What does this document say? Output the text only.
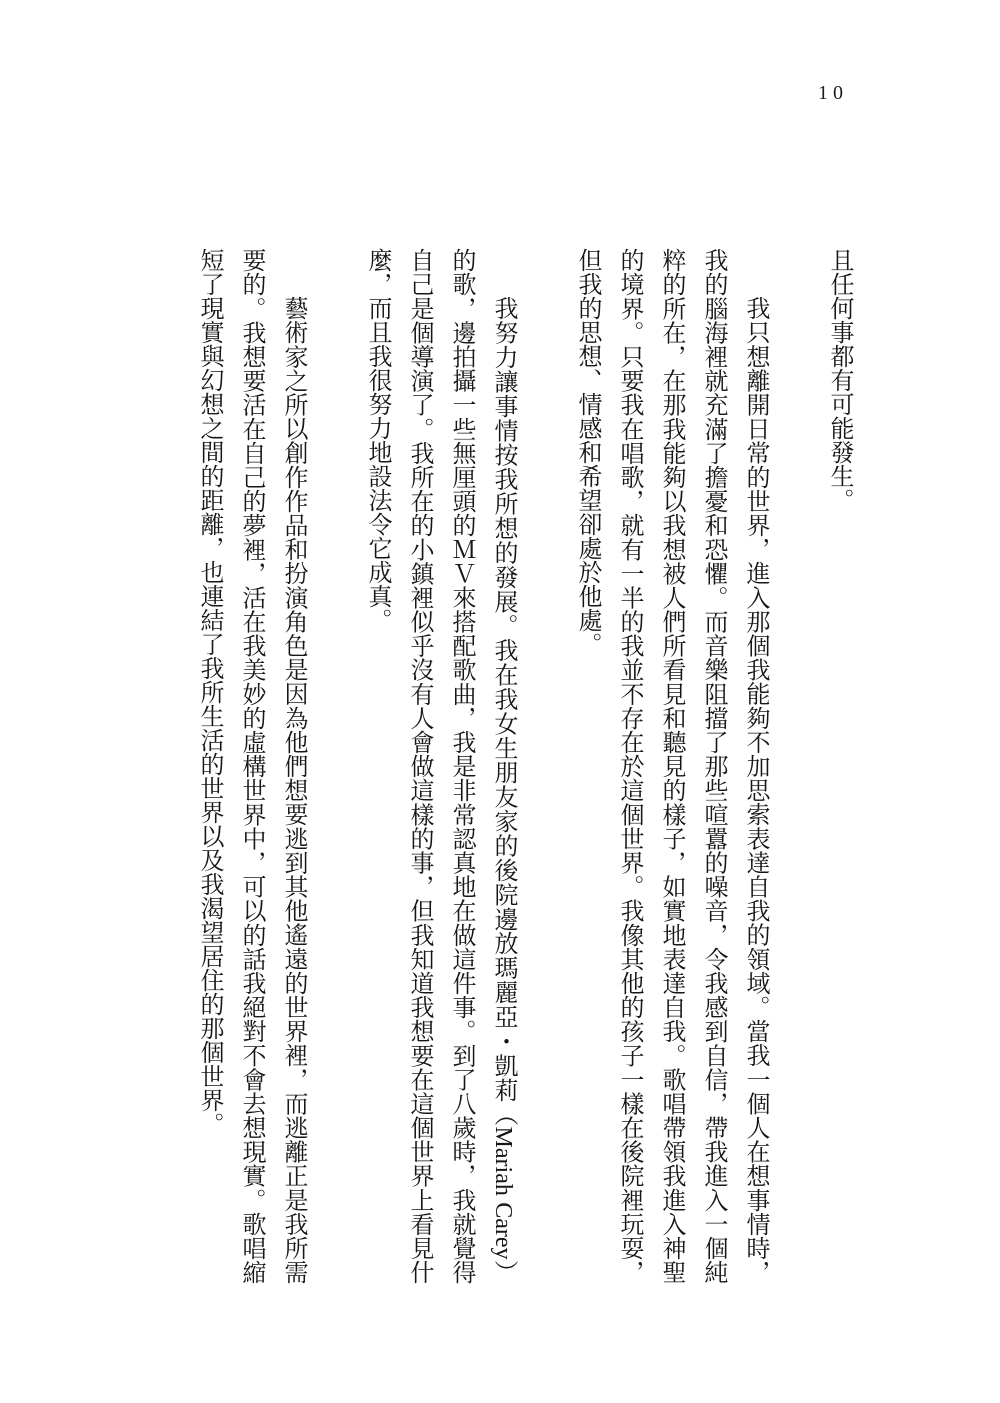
10

且任何事都有可能發生。

我只想離開日常的世界，進入那個我能夠不加思索表達自我的領域。當我一個人在想事情時，我的腦海裡就充滿了擔憂和恐懼。而音樂阻擋了那些喧囂的噪音，令我感到自信，帶我進入一個純粹的所在，在那我能夠以我想被人們所看見和聽見的樣子，如實地表達自我。歌唱帶領我進入神聖的境界。只要我在唱歌，就有一半的我並不存在於這個世界。我像其他的孩子一樣在後院裡玩耍，但我的思想、情感和希望卻處於他處。

我努力讓事情按我所想的發展。我在我女生朋友家的後院邊放瑪麗亞・凱莉（Mariah Carey）的歌，邊拍攝一些無厘頭的ＭＶ來搭配歌曲，我是非常認真地在做這件事。到了八歲時，我就覺得自己是個導演了。我所在的小鎮裡似乎沒有人會做這樣的事，但我知道我想要在這個世界上看見什麼，而且我很努力地設法令它成真。

藝術家之所以創作作品和扮演角色是因為他們想要逃到其他遙遠的世界裡，而逃離正是我所需要的。我想要活在自己的夢裡，活在我美妙的虛構世界中，可以的話我絕對不會去想現實。歌唱縮短了現實與幻想之間的距離，也連結了我所生活的世界以及我渴望居住的那個世界。
